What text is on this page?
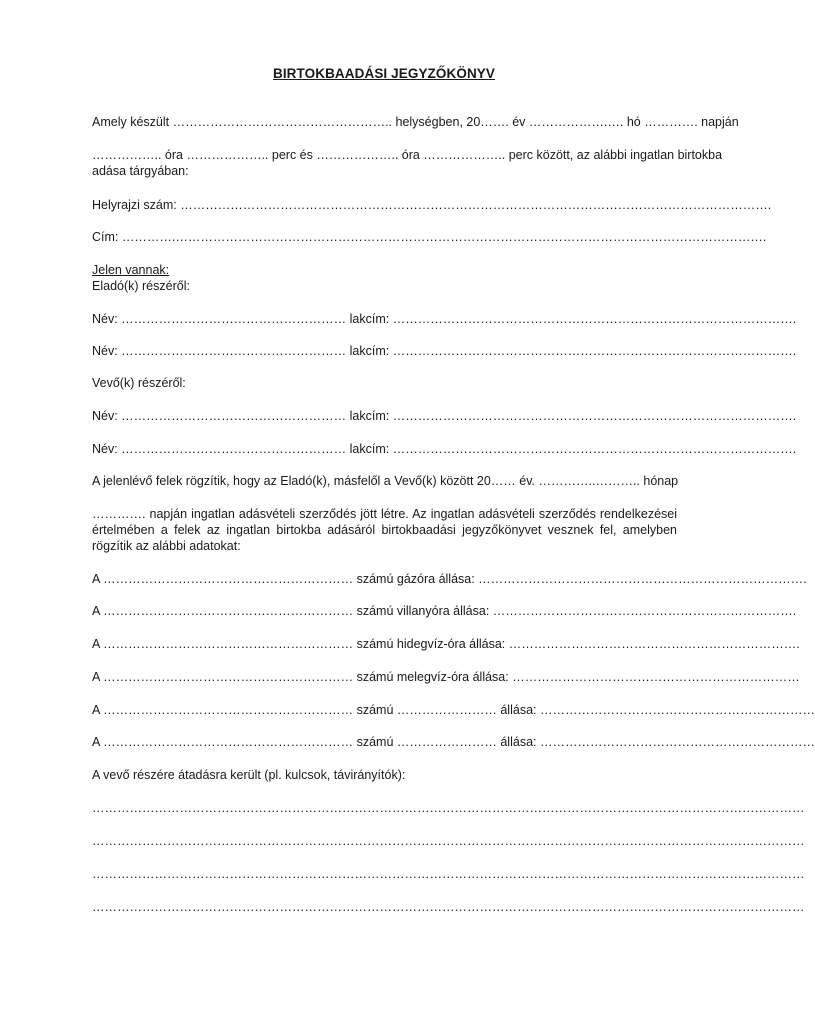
BIRTOKBAADÁSI JEGYZŐKÖNYV
Amely készült …………………………………………….. helységben, 20……. év ……………….…. hó …………. napján
…………….. óra ……………….. perc és ……………….. óra ……………….. perc között, az alábbi ingatlan birtokba
adása tárgyában:
Helyrajzi szám: …………………………………………………………………………………………………………………………….
Cím: ………….…………………………………………………………………………………………………………………………….
Jelen vannak:
Eladó(k) részéről:
Név: ……………………………………………… lakcím: …………………………………………………………………………………….
Név: ……………………………………………… lakcím: …………………………………………………………………………………….
Vevő(k) részéről:
Név: ……………………………………………… lakcím: …………………………………………………………………………………….
Név: ……………………………………………… lakcím: …………………………………………………………………………………….
A jelenlévő felek rögzítik, hogy az Eladó(k), másfelől a Vevő(k) között 20…… év. …………..……….. hónap
…………. napján ingatlan adásvételi szerződés jött létre. Az ingatlan adásvételi szerződés rendelkezései
értelmében a felek az ingatlan birtokba adásáról birtokbaadási jegyzőkönyvet vesznek fel, amelyben
rögzítik az alábbi adatokat:
A …………………………………………………… számú gázóra állása: …………………………………………………………………….
A …………………………………………………… számú villanyóra állása: ……………………………………………………………….
A …………………………………………………… számú hidegvíz-óra állása: …………………………………………………………….
A …………………………………………………… számú melegvíz-óra állása: ……………………………………………………………
A …………………………………………………… számú …………………… állása: …………………………………………………………
A …………………………………………………… számú …………………… állása: …………………………………………………………
A vevő részére átadásra került (pl. kulcsok, távirányítók):
………………………………………………………………………………………………………………………………………………………
………………………………………………………………………………………………………………………………………………………
………………………………………………………………………………………………………………………………………………………
………………………………………………………………………………………………………………………………………………………
